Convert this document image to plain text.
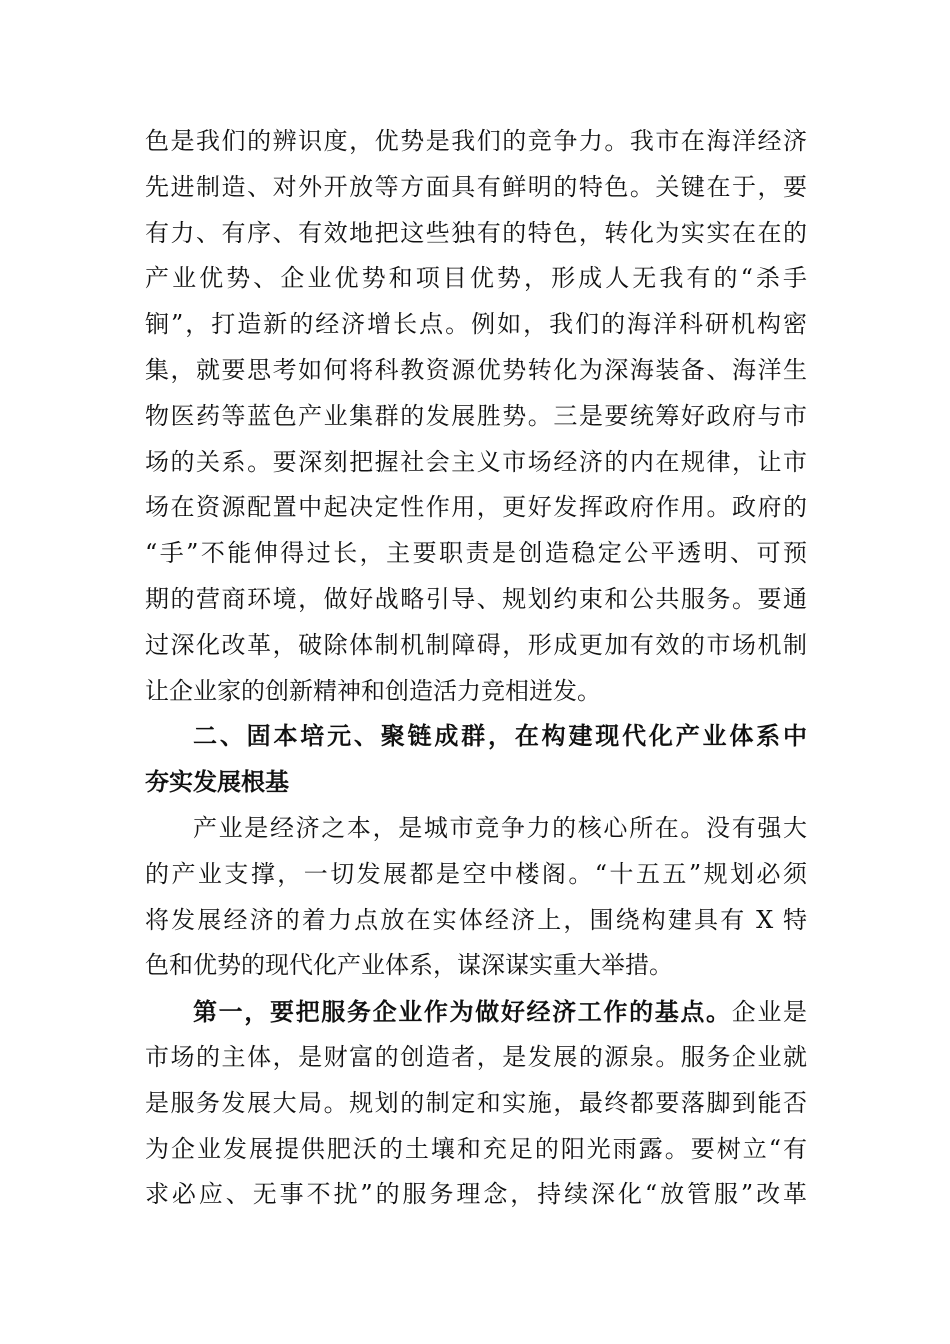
色是我们的辨识度，优势是我们的竞争力。我市在海洋经济
先进制造、对外开放等方面具有鲜明的特色。关键在于，要
有力、有序、有效地把这些独有的特色，转化为实实在在的
产业优势、企业优势和项目优势，形成人无我有的“杀手
锏”，打造新的经济增长点。例如，我们的海洋科研机构密
集，就要思考如何将科教资源优势转化为深海装备、海洋生
物医药等蓝色产业集群的发展胜势。三是要统筹好政府与市
场的关系。要深刻把握社会主义市场经济的内在规律，让市
场在资源配置中起决定性作用，更好发挥政府作用。政府的
“手”不能伸得过长，主要职责是创造稳定公平透明、可预
期的营商环境，做好战略引导、规划约束和公共服务。要通
过深化改革，破除体制机制障碍，形成更加有效的市场机制
让企业家的创新精神和创造活力竞相迸发。
二、固本培元、聚链成群，在构建现代化产业体系中
夯实发展根基
产业是经济之本，是城市竞争力的核心所在。没有强大
的产业支撑，一切发展都是空中楼阁。“十五五”规划必须
将发展经济的着力点放在实体经济上，围绕构建具有 X 特
色和优势的现代化产业体系，谋深谋实重大举措。
第一，要把服务企业作为做好经济工作的基点。企业是
市场的主体，是财富的创造者，是发展的源泉。服务企业就
是服务发展大局。规划的制定和实施，最终都要落脚到能否
为企业发展提供肥沃的土壤和充足的阳光雨露。要树立“有
求必应、无事不扰”的服务理念，持续深化“放管服”改革
